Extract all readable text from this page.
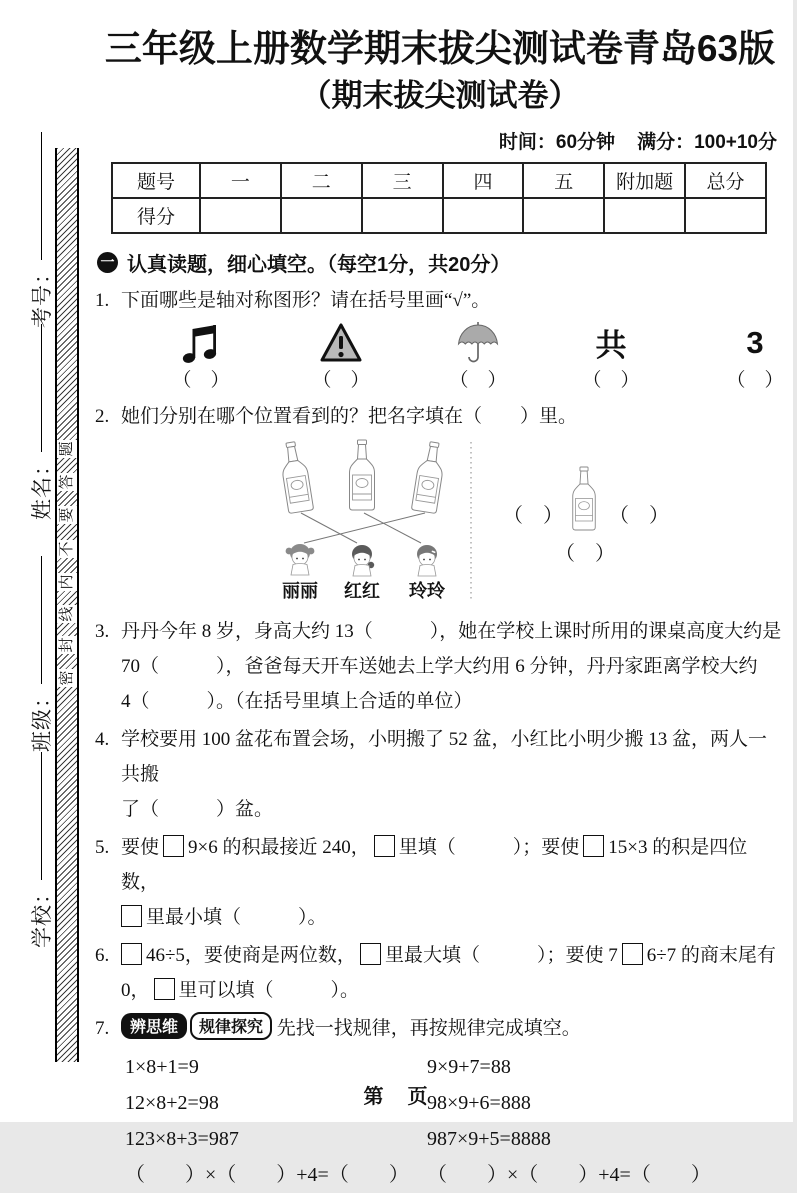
考号：
姓名：
班级：
学校：
题
答
要
不
内
线
封
密
三年级上册数学期末拔尖测试卷青岛63版
（期末拔尖测试卷）
时间：60分钟 满分：100+10分
题号	一	二	三	四	五	附加题	总分
得分							
一 认真读题，细心填空。（每空1分，共20分）
1. 下面哪些是轴对称图形？请在括号里画“√”。
（　）	（　）	（　）
共
（　）
3
（　）
2. 她们分别在哪个位置看到的？把名字填在（　　）里。
丽丽	红红	玲玲
（　） （　）
（　）
3. 丹丹今年 8 岁，身高大约 13（　　　），她在学校上课时所用的课桌高度大约是
70（　　　），爸爸每天开车送她去上学大约用 6 分钟，丹丹家距离学校大约
4（　　　）。（在括号里填上合适的单位）
4. 学校要用 100 盆花布置会场，小明搬了 52 盆，小红比小明少搬 13 盆，两人一共搬
了（　　　）盆。
5. 要使 9×6 的积最接近 240， 里填（　　　）；要使 15×3 的积是四位数，
里最小填（　　　）。
6.	46÷5，要使商是两位数， 里最大填（　　　）；要使 7 6÷7 的商末尾有
0， 里可以填（　　　）。
7.	辨思维 规律探究 先找一找规律，再按规律完成填空。
1×8+1=9	9×9+7=88
12×8+2=98	98×9+6=888
123×8+3=987	987×9+5=8888
（　　）×（　　）+4=（　　） （　　）×（　　）+4=（　　）
第　页
